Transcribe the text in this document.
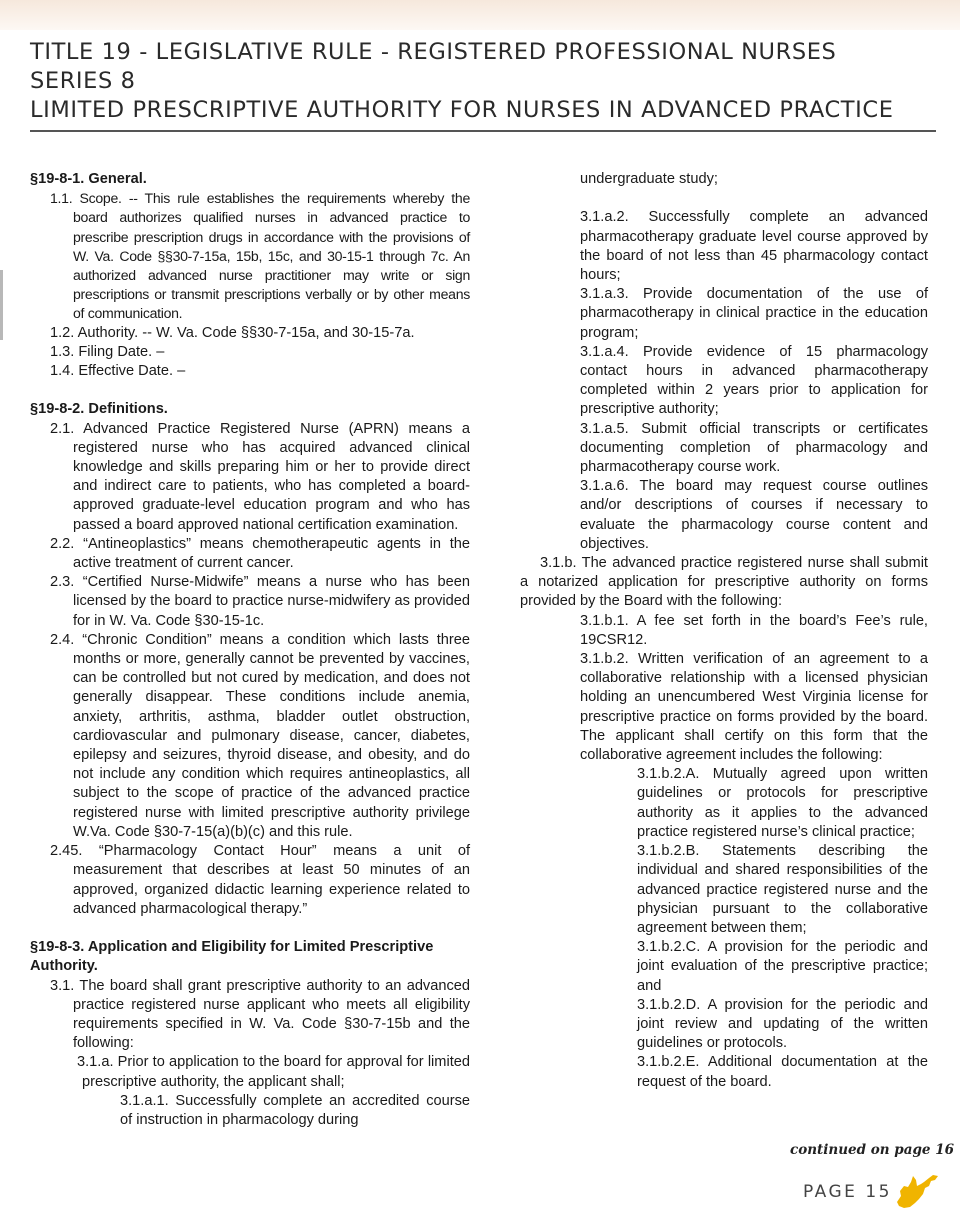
TITLE 19 - LEGISLATIVE RULE - REGISTERED PROFESSIONAL NURSES
SERIES 8
LIMITED PRESCRIPTIVE AUTHORITY FOR NURSES IN ADVANCED PRACTICE

§19-8-1. General.

1.1. Scope. -- This rule establishes the requirements whereby the board authorizes qualified nurses in advanced practice to prescribe prescription drugs in accordance with the provisions of W. Va. Code §§30-7-15a, 15b, 15c, and 30-15-1 through 7c. An authorized advanced nurse practitioner may write or sign prescriptions or transmit prescriptions verbally or by other means of communication.

1.2. Authority. -- W. Va. Code §§30-7-15a, and 30-15-7a.

1.3. Filing Date. –

1.4. Effective Date. –

§19-8-2. Definitions.

2.1. Advanced Practice Registered Nurse (APRN) means a registered nurse who has acquired advanced clinical knowledge and skills preparing him or her to provide direct and indirect care to patients, who has completed a board-approved graduate-level education program and who has passed a board approved national certification examination.

2.2. “Antineoplastics” means chemotherapeutic agents in the active treatment of current cancer.

2.3. “Certified Nurse-Midwife” means a nurse who has been licensed by the board to practice nurse-midwifery as provided for in W. Va. Code §30-15-1c.

2.4. “Chronic Condition” means a condition which lasts three months or more, generally cannot be prevented by vaccines, can be controlled but not cured by medication, and does not generally disappear. These conditions include anemia, anxiety, arthritis, asthma, bladder outlet obstruction, cardiovascular and pulmonary disease, cancer, diabetes, epilepsy and seizures, thyroid disease, and obesity, and do not include any condition which requires antineoplastics, all subject to the scope of practice of the advanced practice registered nurse with limited prescriptive authority privilege W.Va. Code §30-7-15(a)(b)(c) and this rule.

2.45. “Pharmacology Contact Hour” means a unit of measurement that describes at least 50 minutes of an approved, organized didactic learning experience related to advanced pharmacological therapy.”

§19-8-3. Application and Eligibility for Limited Prescriptive Authority.

3.1. The board shall grant prescriptive authority to an advanced practice registered nurse applicant who meets all eligibility requirements specified in W. Va. Code §30-7-15b and the following:

3.1.a. Prior to application to the board for approval for limited prescriptive authority, the applicant shall;

3.1.a.1. Successfully complete an accredited course of instruction in pharmacology during

undergraduate study;

3.1.a.2. Successfully complete an advanced pharmacotherapy graduate level course approved by the board of not less than 45 pharmacology contact hours;

3.1.a.3. Provide documentation of the use of pharmacotherapy in clinical practice in the education program;

3.1.a.4. Provide evidence of 15 pharmacology contact hours in advanced pharmacotherapy completed within 2 years prior to application for prescriptive authority;

3.1.a.5. Submit official transcripts or certificates documenting completion of pharmacology and pharmacotherapy course work.

3.1.a.6. The board may request course outlines and/or descriptions of courses if necessary to evaluate the pharmacology course content and objectives.

3.1.b. The advanced practice registered nurse shall submit a notarized application for prescriptive authority on forms provided by the Board with the following:

3.1.b.1. A fee set forth in the board’s Fee’s rule, 19CSR12.

3.1.b.2. Written verification of an agreement to a collaborative relationship with a licensed physician holding an unencumbered West Virginia license for prescriptive practice on forms provided by the board. The applicant shall certify on this form that the collaborative agreement includes the following:

3.1.b.2.A. Mutually agreed upon written guidelines or protocols for prescriptive authority as it applies to the advanced practice registered nurse’s clinical practice;

3.1.b.2.B. Statements describing the individual and shared responsibilities of the advanced practice registered nurse and the physician pursuant to the collaborative agreement between them;

3.1.b.2.C. A provision for the periodic and joint evaluation of the prescriptive practice; and

3.1.b.2.D. A provision for the periodic and joint review and updating of the written guidelines or protocols.

3.1.b.2.E. Additional documentation at the request of the board.

continued on page 16
PAGE 15
